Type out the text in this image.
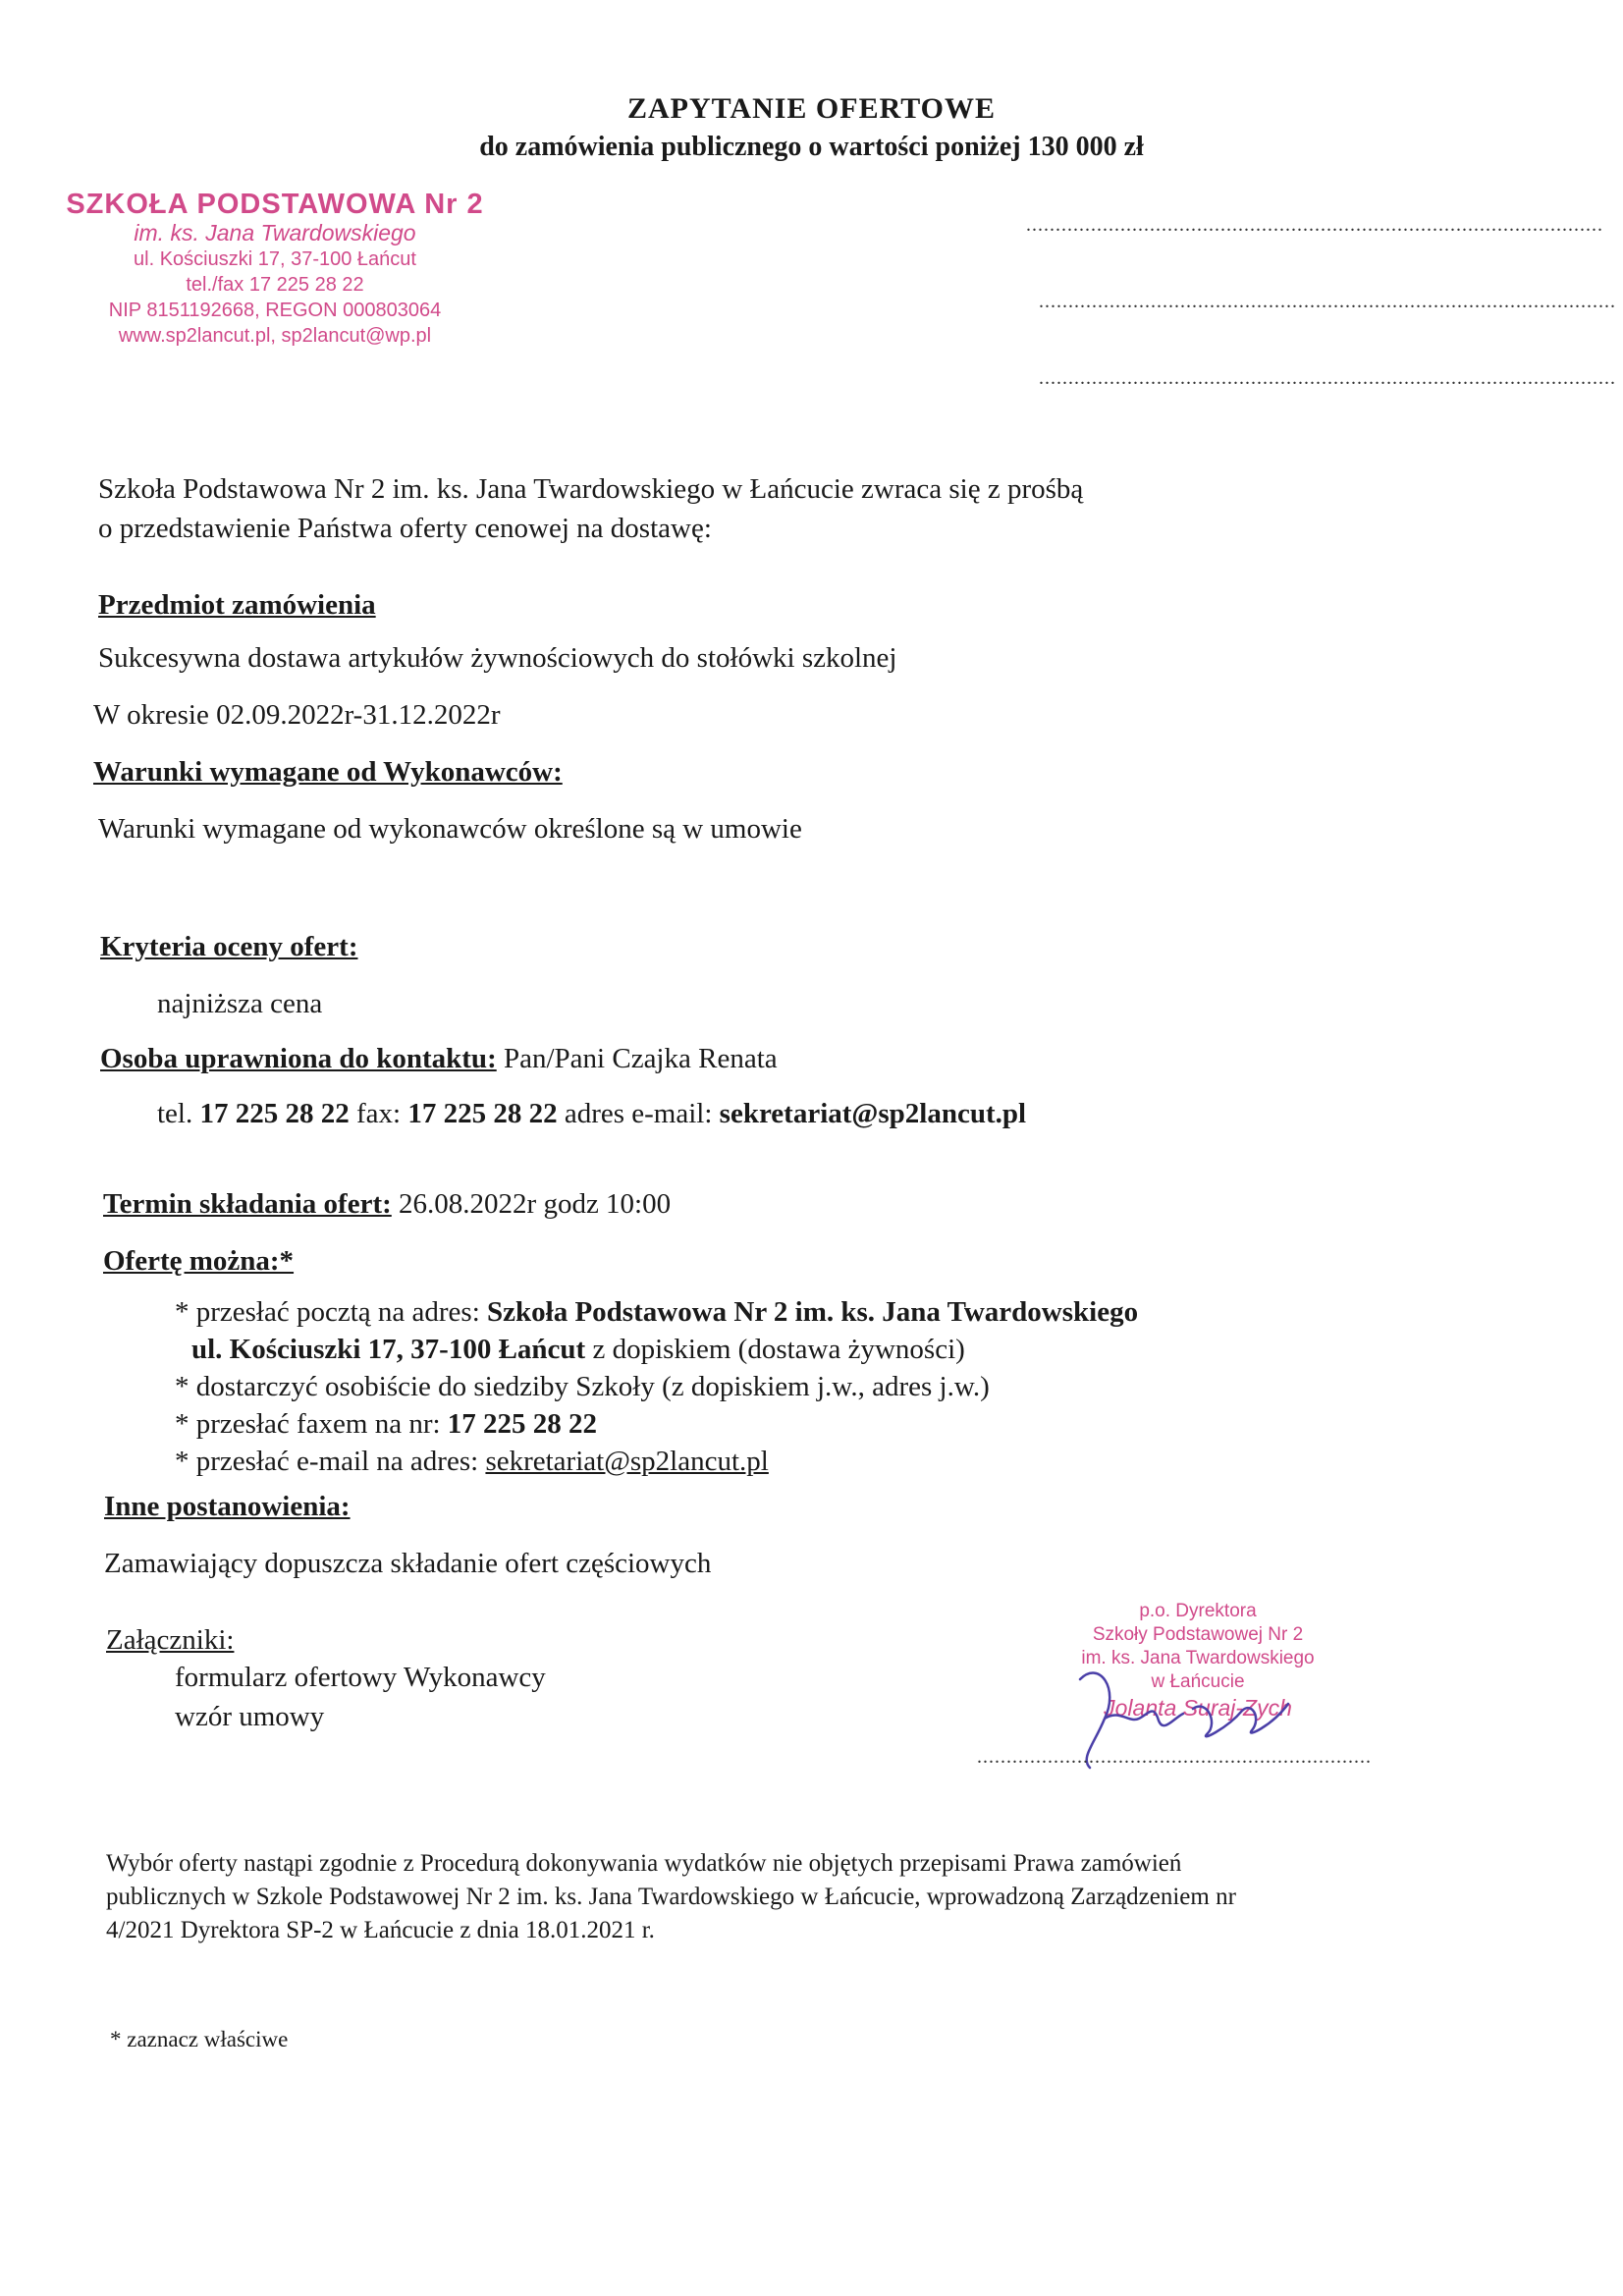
ZAPYTANIE OFERTOWE
do zamówienia publicznego o wartości poniżej 130 000 zł
SZKOŁA PODSTAWOWA Nr 2
im. ks. Jana Twardowskiego
ul. Kościuszki 17, 37-100 Łańcut
tel./fax 17 225 28 22
NIP 8151192668, REGON 000803064
www.sp2lancut.pl, sp2lancut@wp.pl
..................................................................................................
..................................................................................................
..................................................................................................
Szkoła Podstawowa Nr 2 im. ks. Jana Twardowskiego w Łańcucie zwraca się z prośbą
o przedstawienie Państwa oferty cenowej na dostawę:
Przedmiot zamówienia
Sukcesywna dostawa artykułów żywnościowych do stołówki szkolnej
W okresie 02.09.2022r-31.12.2022r
Warunki wymagane od Wykonawców:
Warunki wymagane od wykonawców określone są w umowie
Kryteria oceny ofert:
najniższa cena
Osoba uprawniona do kontaktu: Pan/Pani Czajka Renata
tel. 17 225 28 22 fax: 17 225 28 22 adres e-mail: sekretariat@sp2lancut.pl
Termin składania ofert: 26.08.2022r godz 10:00
Ofertę można:*
* przesłać pocztą na adres: Szkoła Podstawowa Nr 2 im. ks. Jana Twardowskiego
ul. Kościuszki 17, 37-100 Łańcut z dopiskiem (dostawa żywności)
* dostarczyć osobiście do siedziby Szkoły (z dopiskiem j.w., adres j.w.)
* przesłać faxem na nr: 17 225 28 22
* przesłać e-mail na adres: sekretariat@sp2lancut.pl
Inne postanowienia:
Zamawiający dopuszcza składanie ofert częściowych
Załączniki:
formularz ofertowy Wykonawcy
wzór umowy
p.o. Dyrektora
Szkoły Podstawowej Nr 2
im. ks. Jana Twardowskiego
w Łańcucie
Jolanta Suraj-Zych
...................................................................
Wybór oferty nastąpi zgodnie z Procedurą dokonywania wydatków nie objętych przepisami Prawa zamówień
publicznych w Szkole Podstawowej Nr 2 im. ks. Jana Twardowskiego w Łańcucie, wprowadzoną Zarządzeniem nr
4/2021 Dyrektora SP-2 w Łańcucie z dnia 18.01.2021 r.
* zaznacz właściwe
